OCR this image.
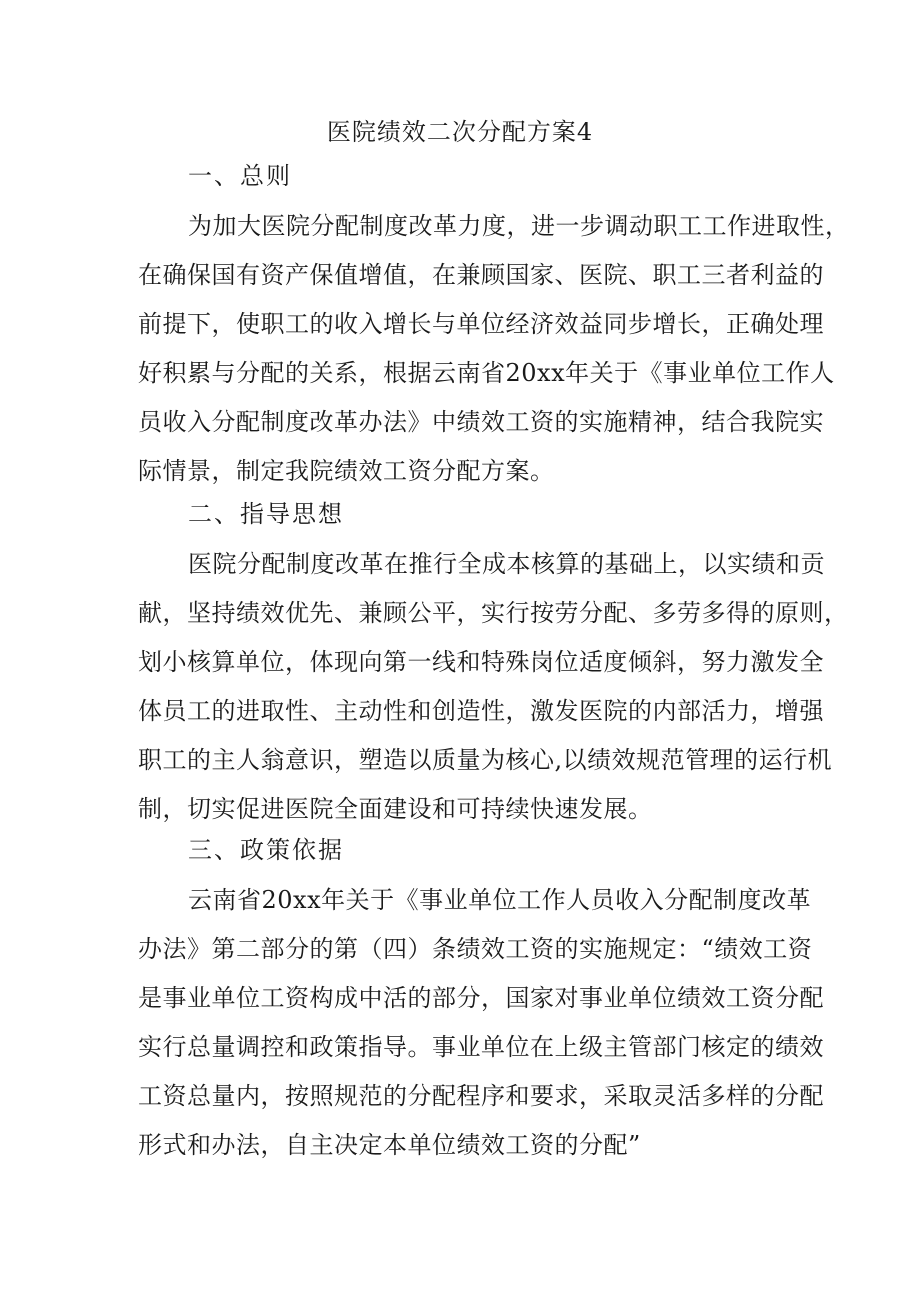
医院绩效二次分配方案4
一、总则
为加大医院分配制度改革力度，进一步调动职工工作进取性，
在确保国有资产保值增值，在兼顾国家、医院、职工三者利益的
前提下，使职工的收入增长与单位经济效益同步增长，正确处理
好积累与分配的关系，根据云南省20xx年关于《事业单位工作人
员收入分配制度改革办法》中绩效工资的实施精神，结合我院实
际情景，制定我院绩效工资分配方案。
二、指导思想
医院分配制度改革在推行全成本核算的基础上，以实绩和贡
献，坚持绩效优先、兼顾公平，实行按劳分配、多劳多得的原则，
划小核算单位，体现向第一线和特殊岗位适度倾斜，努力激发全
体员工的进取性、主动性和创造性，激发医院的内部活力，增强
职工的主人翁意识，塑造以质量为核心,以绩效规范管理的运行机
制，切实促进医院全面建设和可持续快速发展。
三、政策依据
云南省20xx年关于《事业单位工作人员收入分配制度改革
办法》第二部分的第（四）条绩效工资的实施规定：“绩效工资
是事业单位工资构成中活的部分，国家对事业单位绩效工资分配
实行总量调控和政策指导。事业单位在上级主管部门核定的绩效
工资总量内，按照规范的分配程序和要求，采取灵活多样的分配
形式和办法，自主决定本单位绩效工资的分配”
